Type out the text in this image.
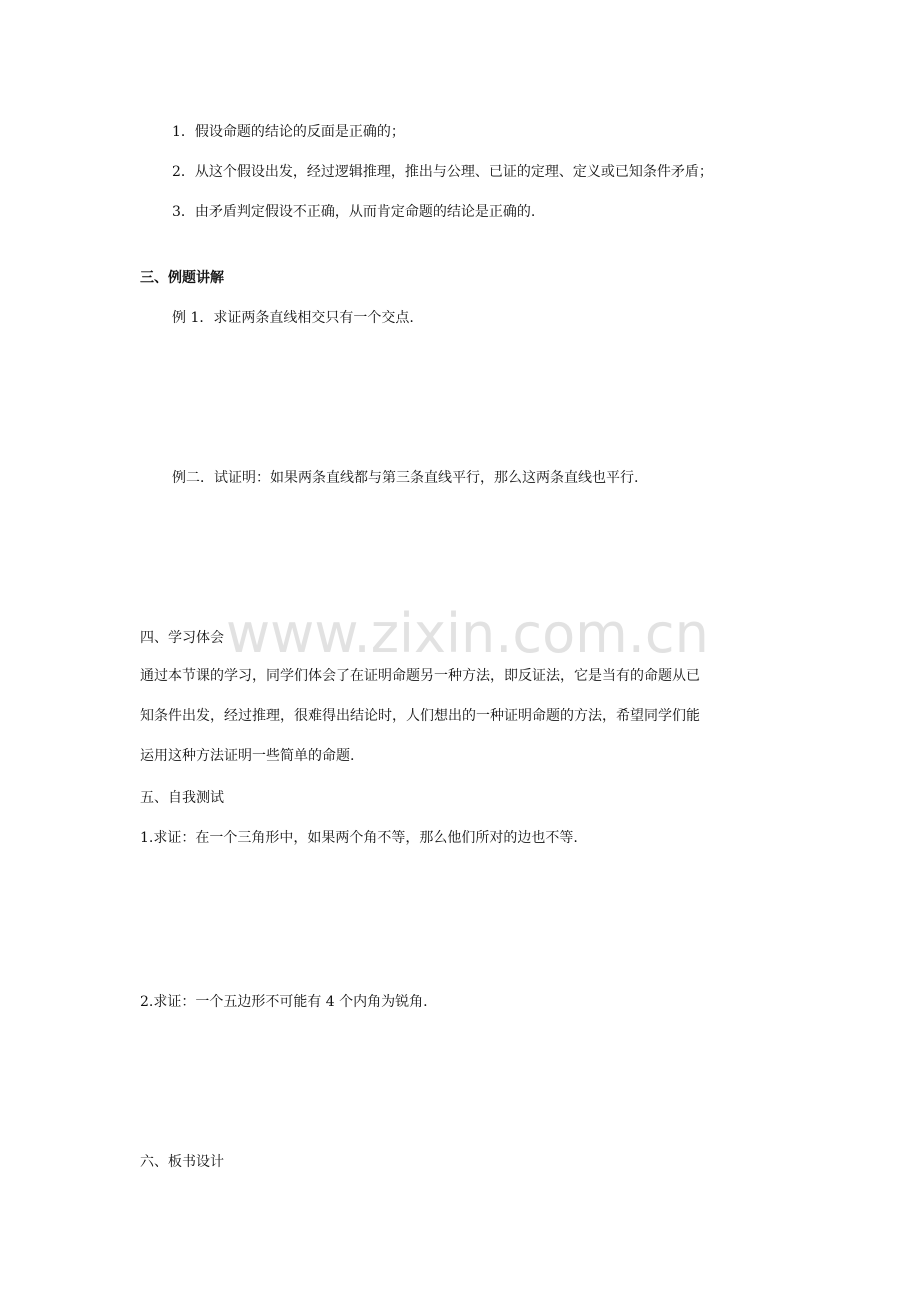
www.zixin.com.cn
1．假设命题的结论的反面是正确的；
2．从这个假设出发，经过逻辑推理，推出与公理、已证的定理、定义或已知条件矛盾；
3．由矛盾判定假设不正确，从而肯定命题的结论是正确的.
三、例题讲解
例 1．求证两条直线相交只有一个交点.
例二．试证明：如果两条直线都与第三条直线平行，那么这两条直线也平行.
四、学习体会
通过本节课的学习，同学们体会了在证明命题另一种方法，即反证法，它是当有的命题从已
知条件出发，经过推理，很难得出结论时，人们想出的一种证明命题的方法，希望同学们能
运用这种方法证明一些简单的命题.
五、自我测试
1.求证：在一个三角形中，如果两个角不等，那么他们所对的边也不等.
2.求证：一个五边形不可能有 4 个内角为锐角.
六、板书设计
